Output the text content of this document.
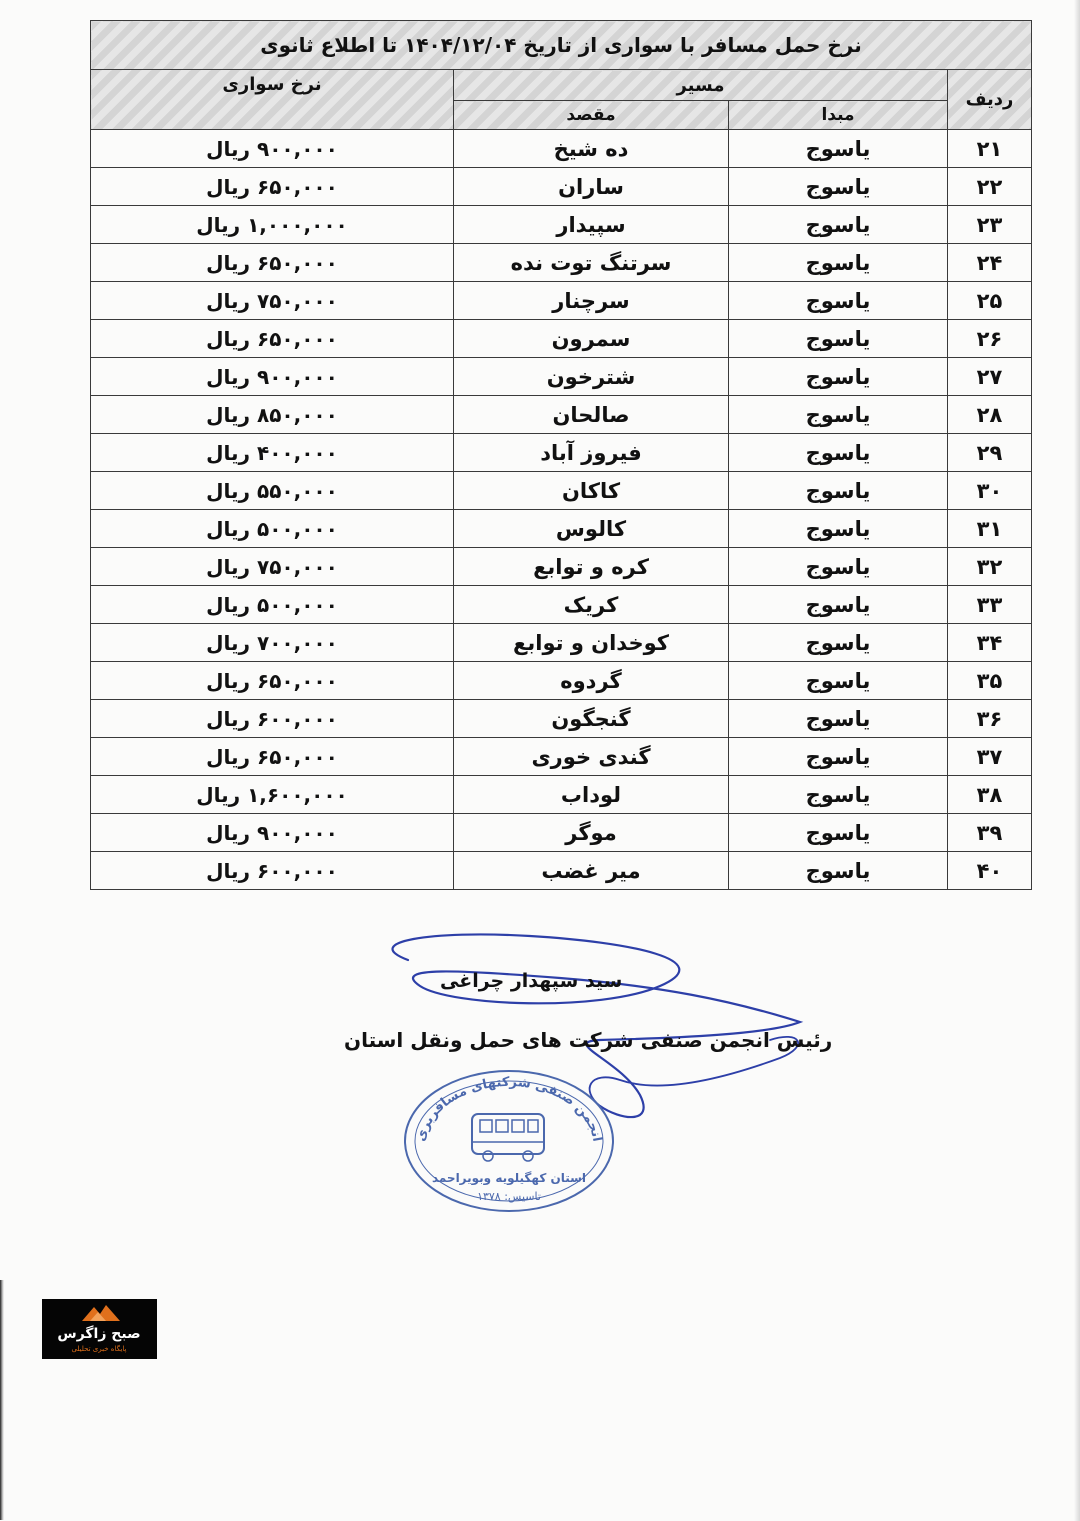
نرخ حمل مسافر با سواری از تاریخ ۱۴۰۴/۱۲/۰۴ تا اطلاع ثانوی			
ردیف	مسیر		نرخ سواری
	مبدا	مقصد	
۲۱	یاسوج	ده شیخ	۹۰۰,۰۰۰ ریال
۲۲	یاسوج	ساران	۶۵۰,۰۰۰ ریال
۲۳	یاسوج	سپیدار	۱,۰۰۰,۰۰۰ ریال
۲۴	یاسوج	سرتنگ توت نده	۶۵۰,۰۰۰ ریال
۲۵	یاسوج	سرچنار	۷۵۰,۰۰۰ ریال
۲۶	یاسوج	سمرون	۶۵۰,۰۰۰ ریال
۲۷	یاسوج	شترخون	۹۰۰,۰۰۰ ریال
۲۸	یاسوج	صالحان	۸۵۰,۰۰۰ ریال
۲۹	یاسوج	فیروز آباد	۴۰۰,۰۰۰ ریال
۳۰	یاسوج	کاکان	۵۵۰,۰۰۰ ریال
۳۱	یاسوج	کالوس	۵۰۰,۰۰۰ ریال
۳۲	یاسوج	کره و توابع	۷۵۰,۰۰۰ ریال
۳۳	یاسوج	کریک	۵۰۰,۰۰۰ ریال
۳۴	یاسوج	کوخدان و توابع	۷۰۰,۰۰۰ ریال
۳۵	یاسوج	گردوه	۶۵۰,۰۰۰ ریال
۳۶	یاسوج	گنجگون	۶۰۰,۰۰۰ ریال
۳۷	یاسوج	گندی خوری	۶۵۰,۰۰۰ ریال
۳۸	یاسوج	لوداب	۱,۶۰۰,۰۰۰ ریال
۳۹	یاسوج	موگر	۹۰۰,۰۰۰ ریال
۴۰	یاسوج	میر غضب	۶۰۰,۰۰۰ ریال
سید سپهدار چراغی
رئیس انجمن صنفی شرکت های حمل ونقل استان
انجمن صنفی شرکتهای مسافربری
استان کهگیلویه وبویراحمد
تاسیس: ۱۳۷۸
صبح زاگرس
پایگاه خبری تحلیلی
